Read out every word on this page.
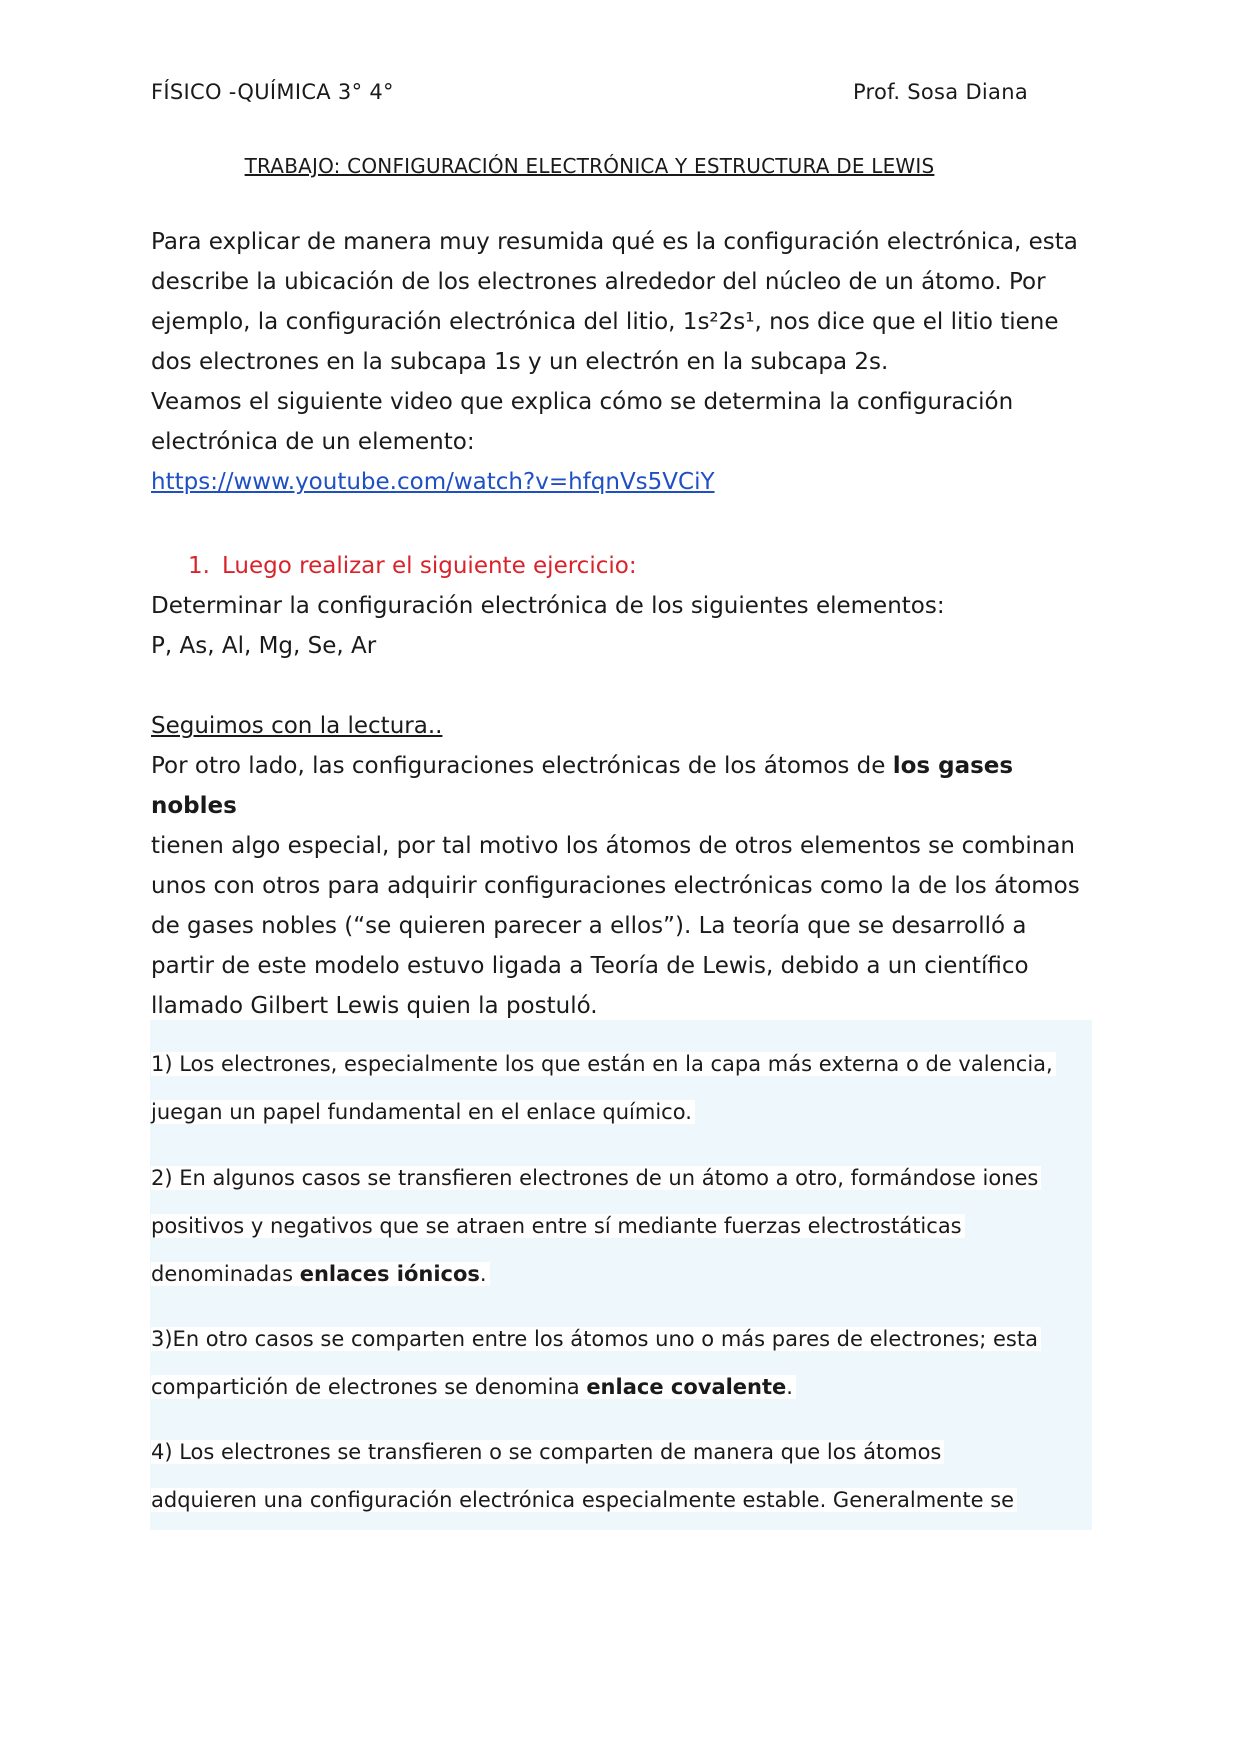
FÍSICO -QUÍMICA 3° 4°	Prof. Sosa Diana
TRABAJO: CONFIGURACIÓN ELECTRÓNICA Y ESTRUCTURA DE LEWIS
Para explicar de manera muy resumida qué es la configuración electrónica, esta
describe la ubicación de los electrones alrededor del núcleo de un átomo. Por
ejemplo, la configuración electrónica del litio, 1s²2s¹, nos dice que el litio tiene
dos electrones en la subcapa 1s y un electrón en la subcapa 2s.
Veamos el siguiente video que explica cómo se determina la configuración
electrónica de un elemento:
https://www.youtube.com/watch?v=hfqnVs5VCiY
1. Luego realizar el siguiente ejercicio:
Determinar la configuración electrónica de los siguientes elementos:
P, As, Al, Mg, Se, Ar
Seguimos con la lectura..
Por otro lado, las configuraciones electrónicas de los átomos de los gases nobles
tienen algo especial, por tal motivo los átomos de otros elementos se combinan
unos con otros para adquirir configuraciones electrónicas como la de los átomos
de gases nobles (“se quieren parecer a ellos”). La teoría que se desarrolló a
partir de este modelo estuvo ligada a Teoría de Lewis, debido a un científico
llamado Gilbert Lewis quien la postuló.
1) Los electrones, especialmente los que están en la capa más externa o de valencia,
juegan un papel fundamental en el enlace químico.
2) En algunos casos se transfieren electrones de un átomo a otro, formándose iones
positivos y negativos que se atraen entre sí mediante fuerzas electrostáticas
denominadas enlaces iónicos.
3)En otro casos se comparten entre los átomos uno o más pares de electrones; esta
compartición de electrones se denomina enlace covalente.
4) Los electrones se transfieren o se comparten de manera que los átomos
adquieren una configuración electrónica especialmente estable. Generalmente se
